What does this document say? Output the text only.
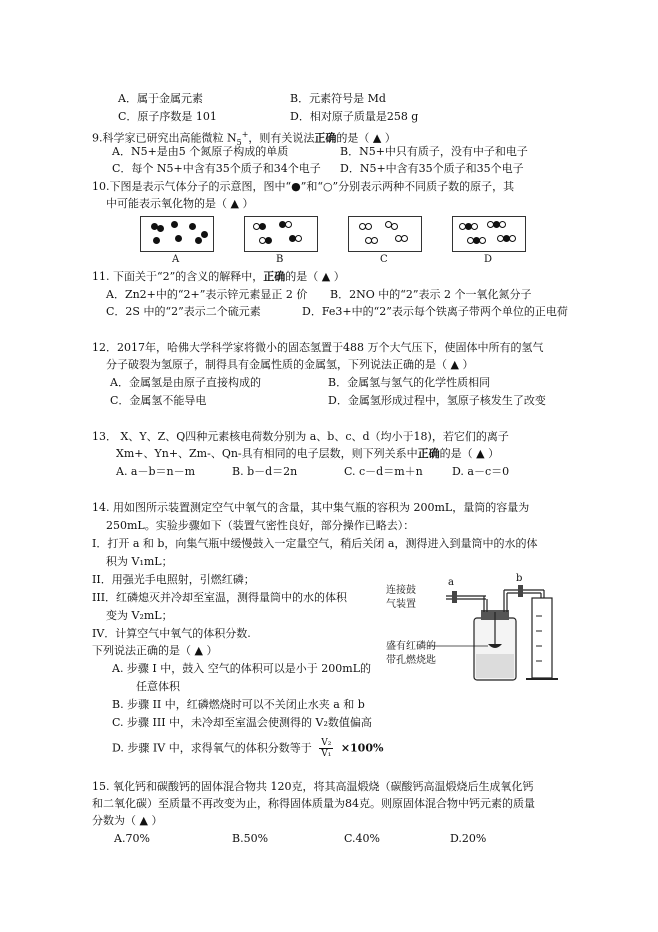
A．属于金属元素	B．元素符号是 Md
C．原子序数是 101	D．相对原子质量是258 g
9.科学家已研究出高能微粒 $N_5^+$，则有关说法正确的是（ ▲ ）
A．N5+是由5 个氮原子构成的单质	B．N5+中只有质子，没有中子和电子
C．每个 N5+中含有35个质子和34个电子 D．N5+中含有35个质子和35个电子
10.下图是表示气体分子的示意图，图中“●”和“○”分别表示两种不同质子数的原子，其
中可能表示氧化物的是（ ▲ ）
A	B	C	D
11. 下面关于“2”的含义的解释中，正确的是（ ▲ ）
A．Zn2+中的“2+”表示锌元素显正 2 价 B．2NO 中的“2”表示 2 个一氧化氮分子
C．2S 中的“2”表示二个硫元素	D．Fe3+中的“2”表示每个铁离子带两个单位的正电荷
12．2017年，哈佛大学科学家将微小的固态氢置于488 万个大气压下，使固体中所有的氢气
分子破裂为氢原子，制得具有金属性质的金属氢，下列说法正确的是（ ▲ ）
A．金属氢是由原子直接构成的	B．金属氢与氢气的化学性质相同
C．金属氢不能导电	D．金属氢形成过程中，氢原子核发生了改变
13． X、Y、Z、Q四种元素核电荷数分别为 a、b、c、d（均小于18)，若它们的离子
Xm+、Yn+、Zm-、Qn-具有相同的电子层数，则下列关系中正确的是（ ▲ ）
A. a－b＝n－m	B. b－d＝2n	C. c－d＝m＋n	D. a－c＝0
14. 用如图所示装置测定空气中氧气的含量，其中集气瓶的容积为 200mL，量筒的容量为
250mL。实验步骤如下（装置气密性良好，部分操作已略去）：
I．打开 a 和 b，向集气瓶中缓慢鼓入一定量空气，稍后关闭 a，测得进入到量筒中的水的体
积为 V₁mL；
II．用强光手电照射，引燃红磷；
III．红磷熄灭并冷却至室温，测得量筒中的水的体积
变为 V₂mL；
IV．计算空气中氧气的体积分数.
下列说法正确的是（ ▲ ）
A. 步骤 I 中，鼓入 空气的体积可以是小于 200mL的
任意体积
B. 步骤 II 中，红磷燃烧时可以不关闭止水夹 a 和 b
C. 步骤 III 中，未冷却至室温会使测得的 V₂数值偏高
D. 步骤 IV 中，求得氧气的体积分数等于 $\frac{\text{V₂}}{\text{V₁}} \times 100\%$
连接鼓
气装置
盛有红磷的
带孔燃烧匙
a	b
15. 氧化钙和碳酸钙的固体混合物共 120克，将其高温煅烧（碳酸钙高温煅烧后生成氧化钙
和二氧化碳）至质量不再改变为止，称得固体质量为84克。则原固体混合物中钙元素的质量
分数为（ ▲ ）
A.70%	B.50%	C.40%	D.20%
